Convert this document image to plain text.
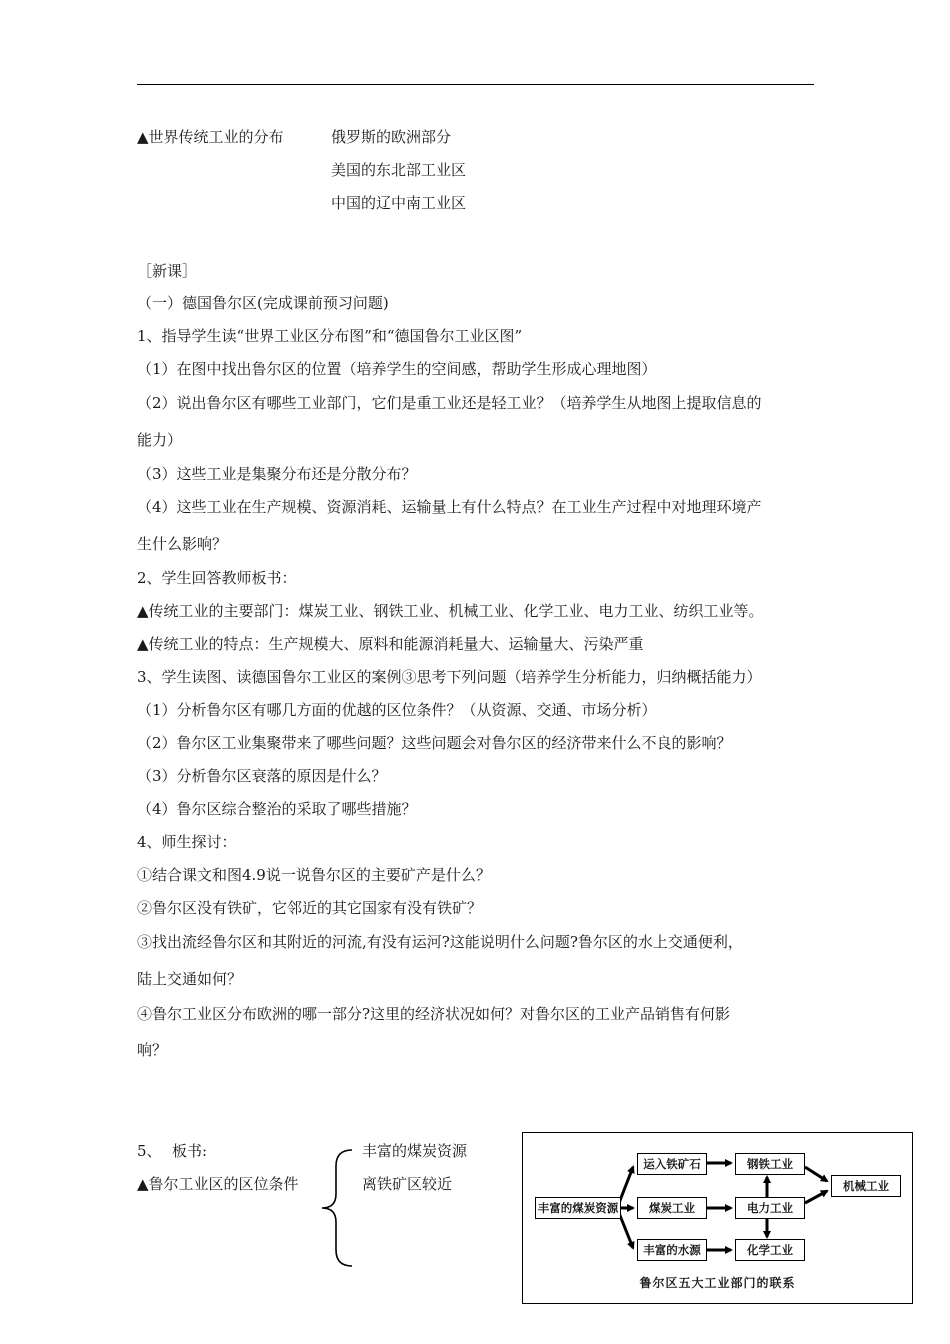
▲世界传统工业的分布	俄罗斯的欧洲部分
美国的东北部工业区
中国的辽中南工业区
［新课］
（一）德国鲁尔区(完成课前预习问题)
1、指导学生读“世界工业区分布图”和“德国鲁尔工业区图”
（1）在图中找出鲁尔区的位置（培养学生的空间感，帮助学生形成心理地图）
（2）说出鲁尔区有哪些工业部门，它们是重工业还是轻工业？（培养学生从地图上提取信息的
能力）
（3）这些工业是集聚分布还是分散分布？
（4）这些工业在生产规模、资源消耗、运输量上有什么特点？在工业生产过程中对地理环境产
生什么影响？
2、学生回答教师板书：
▲传统工业的主要部门：煤炭工业、钢铁工业、机械工业、化学工业、电力工业、纺织工业等。
▲传统工业的特点：生产规模大、原料和能源消耗量大、运输量大、污染严重
3、学生读图、读德国鲁尔工业区的案例③思考下列问题（培养学生分析能力，归纳概括能力）
（1）分析鲁尔区有哪几方面的优越的区位条件？（从资源、交通、市场分析）
（2）鲁尔区工业集聚带来了哪些问题？这些问题会对鲁尔区的经济带来什么不良的影响？
（3）分析鲁尔区衰落的原因是什么？
（4）鲁尔区综合整治的采取了哪些措施？
4、师生探讨：
①结合课文和图4.9说一说鲁尔区的主要矿产是什么？
②鲁尔区没有铁矿，它邻近的其它国家有没有铁矿？
③找出流经鲁尔区和其附近的河流,有没有运河?这能说明什么问题?鲁尔区的水上交通便利，
陆上交通如何？
④鲁尔工业区分布欧洲的哪一部分?这里的经济状况如何？对鲁尔区的工业产品销售有何影
响？
5、 板书:
▲鲁尔工业区的区位条件
丰富的煤炭资源
离铁矿区较近
丰富的煤炭资源
运入铁矿石
煤炭工业
丰富的水源
钢铁工业
电力工业
化学工业
机械工业
鲁尔区五大工业部门的联系
